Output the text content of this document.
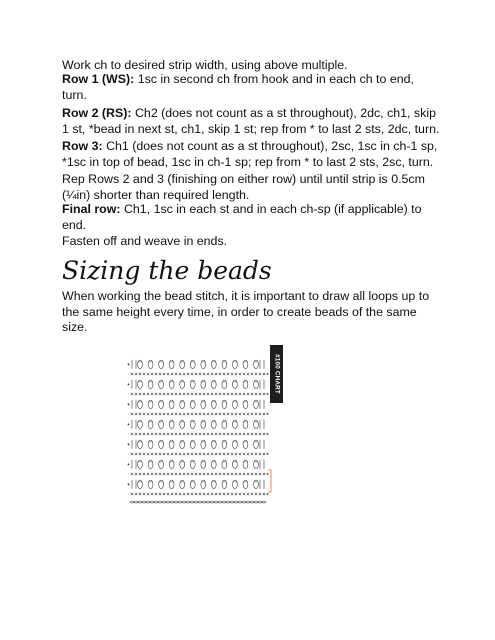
Work ch to desired strip width, using above multiple.

Row 1 (WS): 1sc in second ch from hook and in each ch to end, turn.

Row 2 (RS): Ch2 (does not count as a st throughout), 2dc, ch1, skip 1 st, *bead in next st, ch1, skip 1 st; rep from * to last 2 sts, 2dc, turn.

Row 3: Ch1 (does not count as a st throughout), 2sc, 1sc in ch-1 sp, *1sc in top of bead, 1sc in ch-1 sp; rep from * to last 2 sts, 2sc, turn.

Rep Rows 2 and 3 (finishing on either row) until until strip is 0.5cm (¼in) shorter than required length.

Final row: Ch1, 1sc in each st and in each ch-sp (if applicable) to end.

Fasten off and weave in ends.

Sizing the beads

When working the bead stitch, it is important to draw all loops up to the same height every time, in order to create beads of the same size.

#100 CHART
